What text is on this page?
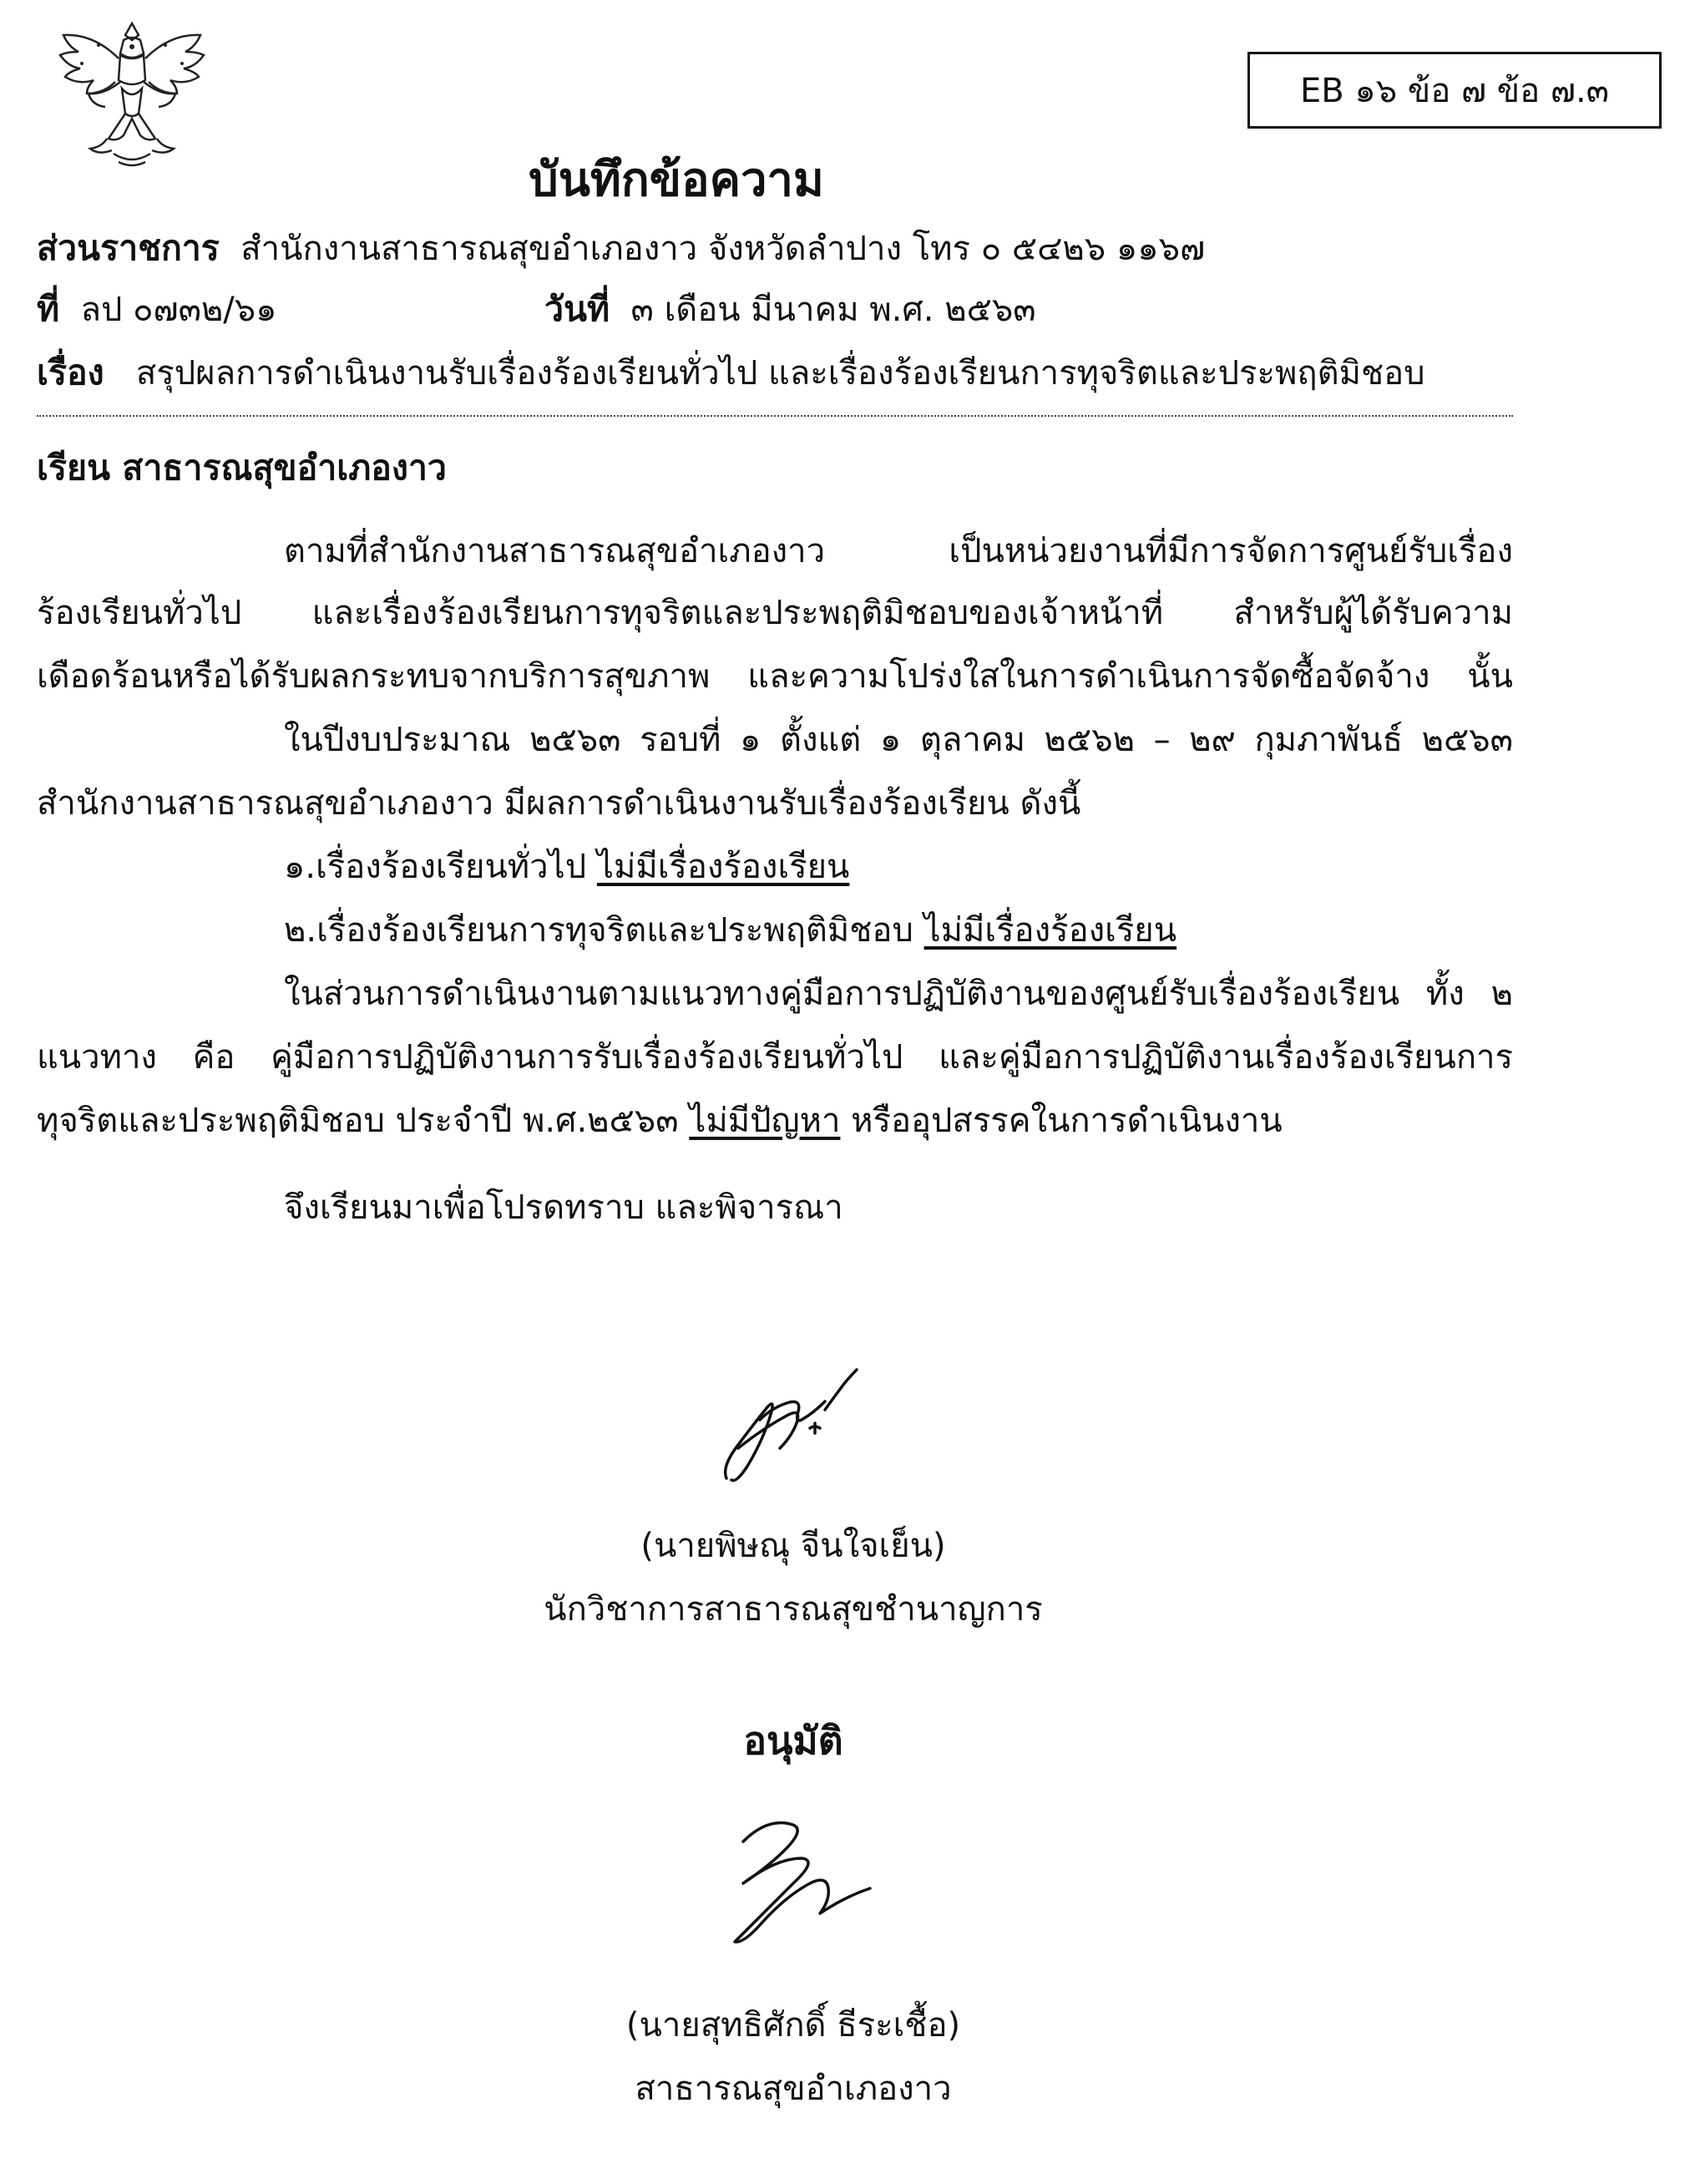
EB ๑๖ ข้อ ๗ ข้อ ๗.๓
บันทึกข้อความ
ส่วนราชการ สำนักงานสาธารณสุขอำเภองาว จังหวัดลำปาง โทร ๐ ๕๔๒๖ ๑๑๖๗
ที่ ลป ๐๗๓๒/๖๑	วันที่ ๓ เดือน มีนาคม พ.ศ. ๒๕๖๓
เรื่อง สรุปผลการดำเนินงานรับเรื่องร้องเรียนทั่วไป และเรื่องร้องเรียนการทุจริตและประพฤติมิชอบ
เรียน สาธารณสุขอำเภองาว
ตามที่สำนักงานสาธารณสุขอำเภองาว เป็นหน่วยงานที่มีการจัดการศูนย์รับเรื่อง
ร้องเรียนทั่วไป และเรื่องร้องเรียนการทุจริตและประพฤติมิชอบของเจ้าหน้าที่ สำหรับผู้ได้รับความ
เดือดร้อนหรือได้รับผลกระทบจากบริการสุขภาพ และความโปร่งใสในการดำเนินการจัดซื้อจัดจ้าง นั้น
ในปีงบประมาณ ๒๕๖๓ รอบที่ ๑ ตั้งแต่ ๑ ตุลาคม ๒๕๖๒ – ๒๙ กุมภาพันธ์ ๒๕๖๓
สำนักงานสาธารณสุขอำเภองาว มีผลการดำเนินงานรับเรื่องร้องเรียน ดังนี้
๑.เรื่องร้องเรียนทั่วไป ไม่มีเรื่องร้องเรียน
๒.เรื่องร้องเรียนการทุจริตและประพฤติมิชอบ ไม่มีเรื่องร้องเรียน
ในส่วนการดำเนินงานตามแนวทางคู่มือการปฏิบัติงานของศูนย์รับเรื่องร้องเรียน ทั้ง ๒
แนวทาง คือ คู่มือการปฏิบัติงานการรับเรื่องร้องเรียนทั่วไป และคู่มือการปฏิบัติงานเรื่องร้องเรียนการ
ทุจริตและประพฤติมิชอบ ประจำปี พ.ศ.๒๕๖๓ ไม่มีปัญหา หรืออุปสรรคในการดำเนินงาน
จึงเรียนมาเพื่อโปรดทราบ และพิจารณา
(นายพิษณุ จีนใจเย็น)
นักวิชาการสาธารณสุขชำนาญการ
อนุมัติ
(นายสุทธิศักดิ์ ธีระเชื้อ)
สาธารณสุขอำเภองาว
